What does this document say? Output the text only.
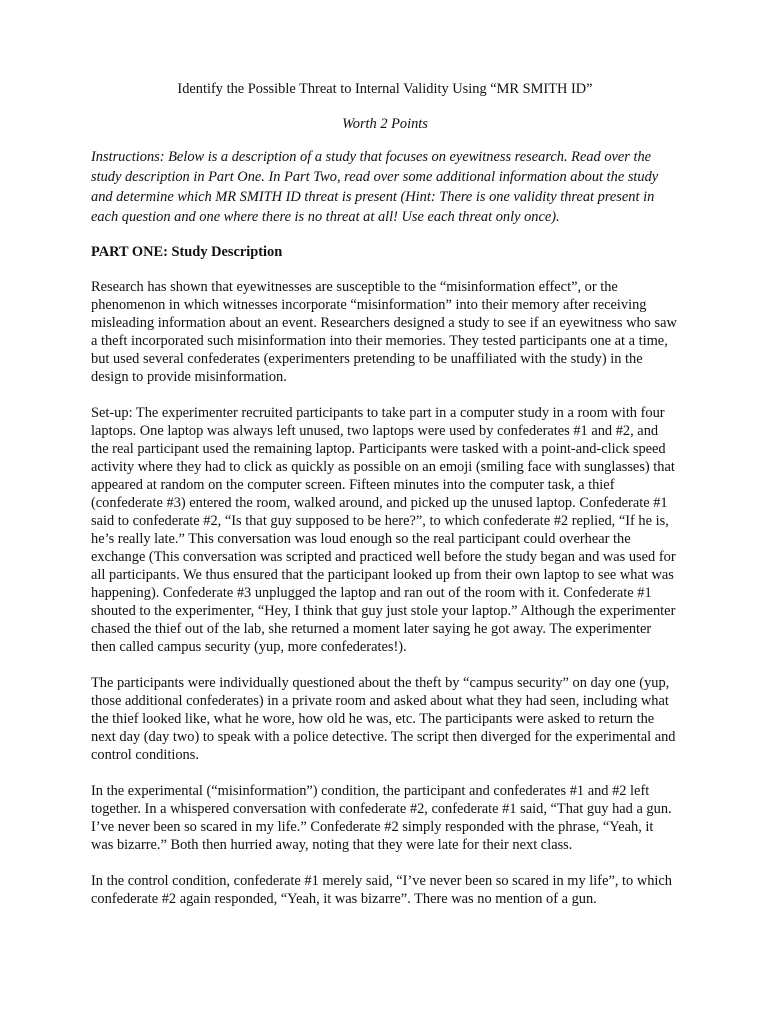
Identify the Possible Threat to Internal Validity Using “MR SMITH ID”

Worth 2 Points

Instructions: Below is a description of a study that focuses on eyewitness research. Read over the study description in Part One. In Part Two, read over some additional information about the study and determine which MR SMITH ID threat is present (Hint: There is one validity threat present in each question and one where there is no threat at all! Use each threat only once).

PART ONE: Study Description

Research has shown that eyewitnesses are susceptible to the “misinformation effect”, or the phenomenon in which witnesses incorporate “misinformation” into their memory after receiving misleading information about an event. Researchers designed a study to see if an eyewitness who saw a theft incorporated such misinformation into their memories. They tested participants one at a time, but used several confederates (experimenters pretending to be unaffiliated with the study) in the design to provide misinformation.

Set-up: The experimenter recruited participants to take part in a computer study in a room with four laptops. One laptop was always left unused, two laptops were used by confederates #1 and #2, and the real participant used the remaining laptop. Participants were tasked with a point-and-click speed activity where they had to click as quickly as possible on an emoji (smiling face with sunglasses) that appeared at random on the computer screen. Fifteen minutes into the computer task, a thief (confederate #3) entered the room, walked around, and picked up the unused laptop. Confederate #1 said to confederate #2, “Is that guy supposed to be here?”, to which confederate #2 replied, “If he is, he’s really late.” This conversation was loud enough so the real participant could overhear the exchange (This conversation was scripted and practiced well before the study began and was used for all participants. We thus ensured that the participant looked up from their own laptop to see what was happening). Confederate #3 unplugged the laptop and ran out of the room with it. Confederate #1 shouted to the experimenter, “Hey, I think that guy just stole your laptop.” Although the experimenter chased the thief out of the lab, she returned a moment later saying he got away. The experimenter then called campus security (yup, more confederates!).

The participants were individually questioned about the theft by “campus security” on day one (yup, those additional confederates) in a private room and asked about what they had seen, including what the thief looked like, what he wore, how old he was, etc. The participants were asked to return the next day (day two) to speak with a police detective. The script then diverged for the experimental and control conditions.

In the experimental (“misinformation”) condition, the participant and confederates #1 and #2 left together. In a whispered conversation with confederate #2, confederate #1 said, “That guy had a gun. I’ve never been so scared in my life.” Confederate #2 simply responded with the phrase, “Yeah, it was bizarre.” Both then hurried away, noting that they were late for their next class.

In the control condition, confederate #1 merely said, “I’ve never been so scared in my life”, to which confederate #2 again responded, “Yeah, it was bizarre”. There was no mention of a gun.
